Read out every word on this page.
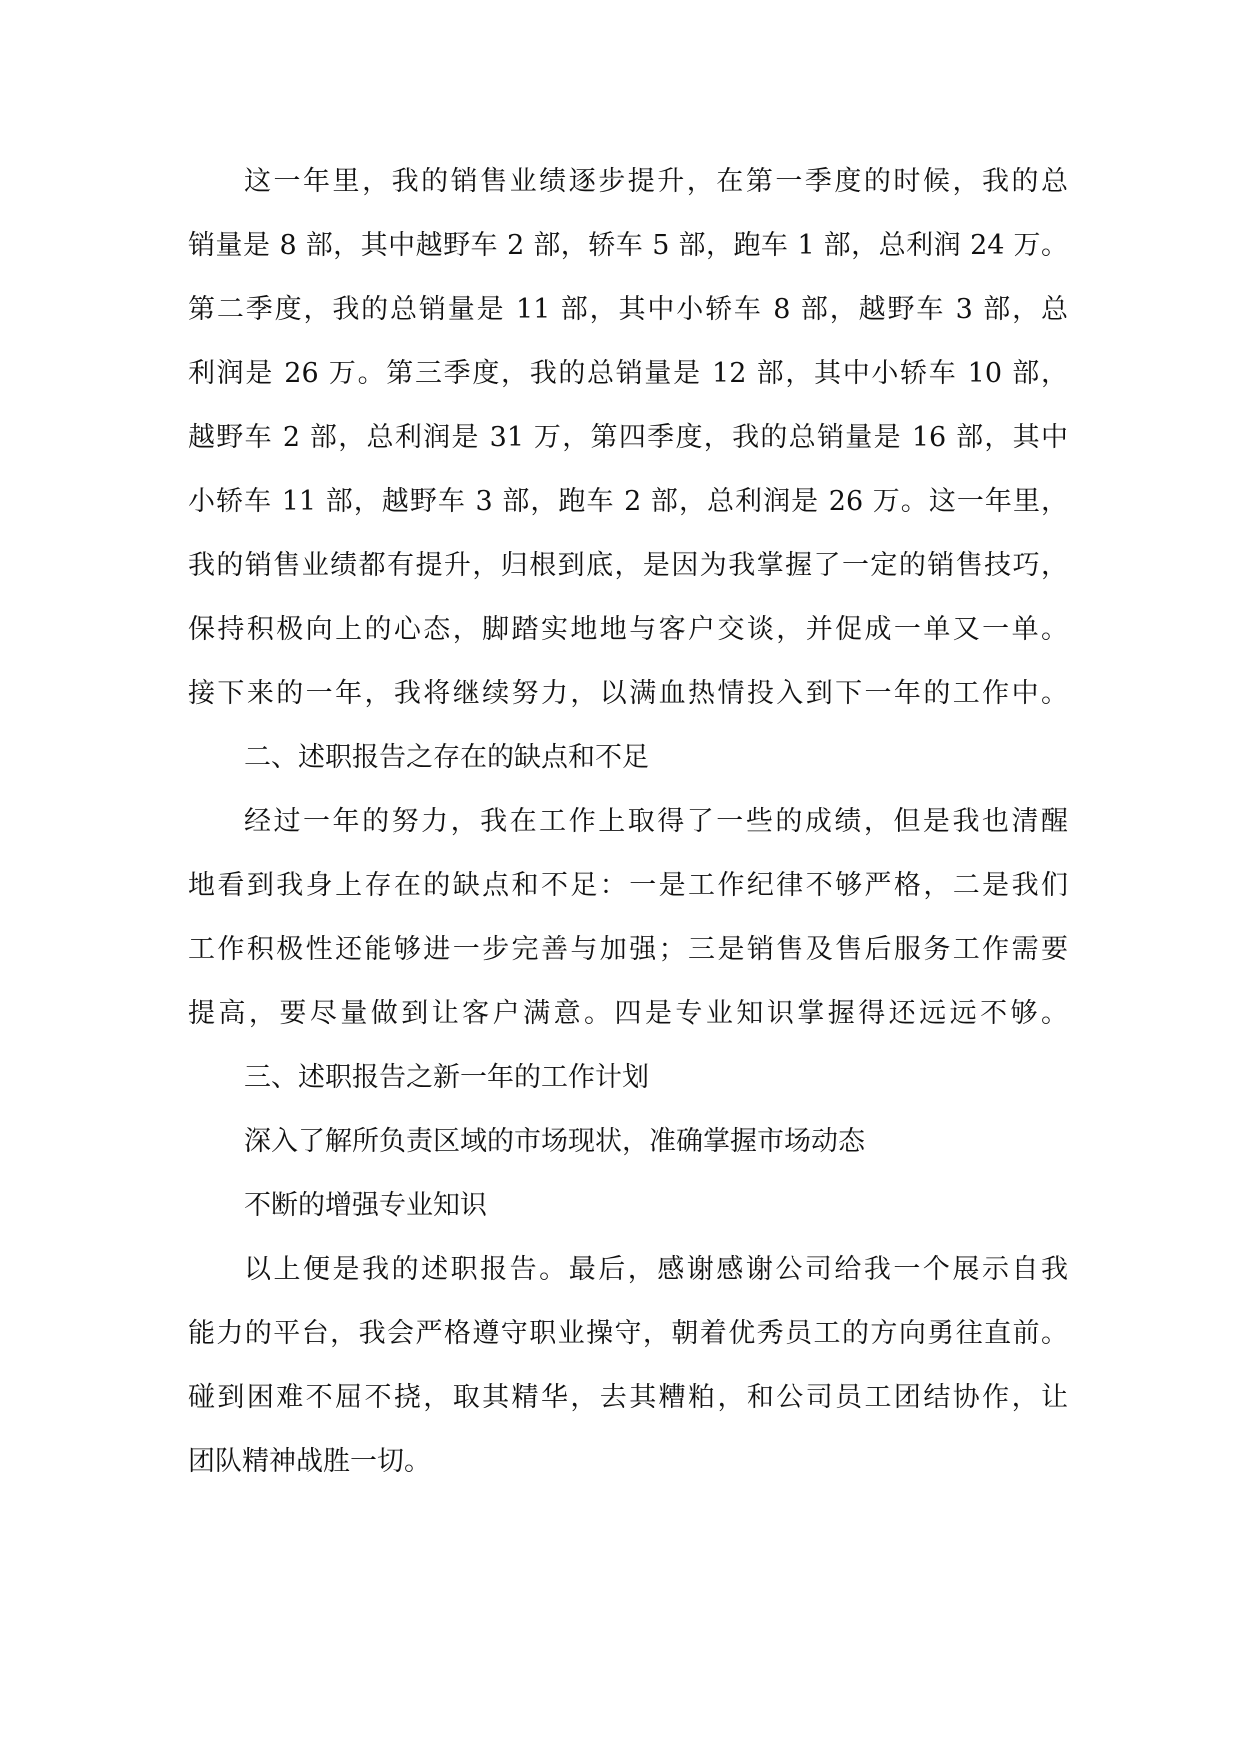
这一年里，我的销售业绩逐步提升，在第一季度的时候，我的总
销量是 8 部，其中越野车 2 部，轿车 5 部，跑车 1 部，总利润 24 万。
第二季度，我的总销量是 11 部，其中小轿车 8 部，越野车 3 部，总
利润是 26 万。第三季度，我的总销量是 12 部，其中小轿车 10 部，
越野车 2 部，总利润是 31 万，第四季度，我的总销量是 16 部，其中
小轿车 11 部，越野车 3 部，跑车 2 部，总利润是 26 万。这一年里，
我的销售业绩都有提升，归根到底，是因为我掌握了一定的销售技巧，
保持积极向上的心态，脚踏实地地与客户交谈，并促成一单又一单。
接下来的一年，我将继续努力，以满血热情投入到下一年的工作中。
二、述职报告之存在的缺点和不足
经过一年的努力，我在工作上取得了一些的成绩，但是我也清醒
地看到我身上存在的缺点和不足：一是工作纪律不够严格，二是我们
工作积极性还能够进一步完善与加强；三是销售及售后服务工作需要
提高，要尽量做到让客户满意。四是专业知识掌握得还远远不够。
三、述职报告之新一年的工作计划
深入了解所负责区域的市场现状，准确掌握市场动态
不断的增强专业知识
以上便是我的述职报告。最后，感谢感谢公司给我一个展示自我
能力的平台，我会严格遵守职业操守，朝着优秀员工的方向勇往直前。
碰到困难不屈不挠，取其精华，去其糟粕，和公司员工团结协作，让
团队精神战胜一切。
